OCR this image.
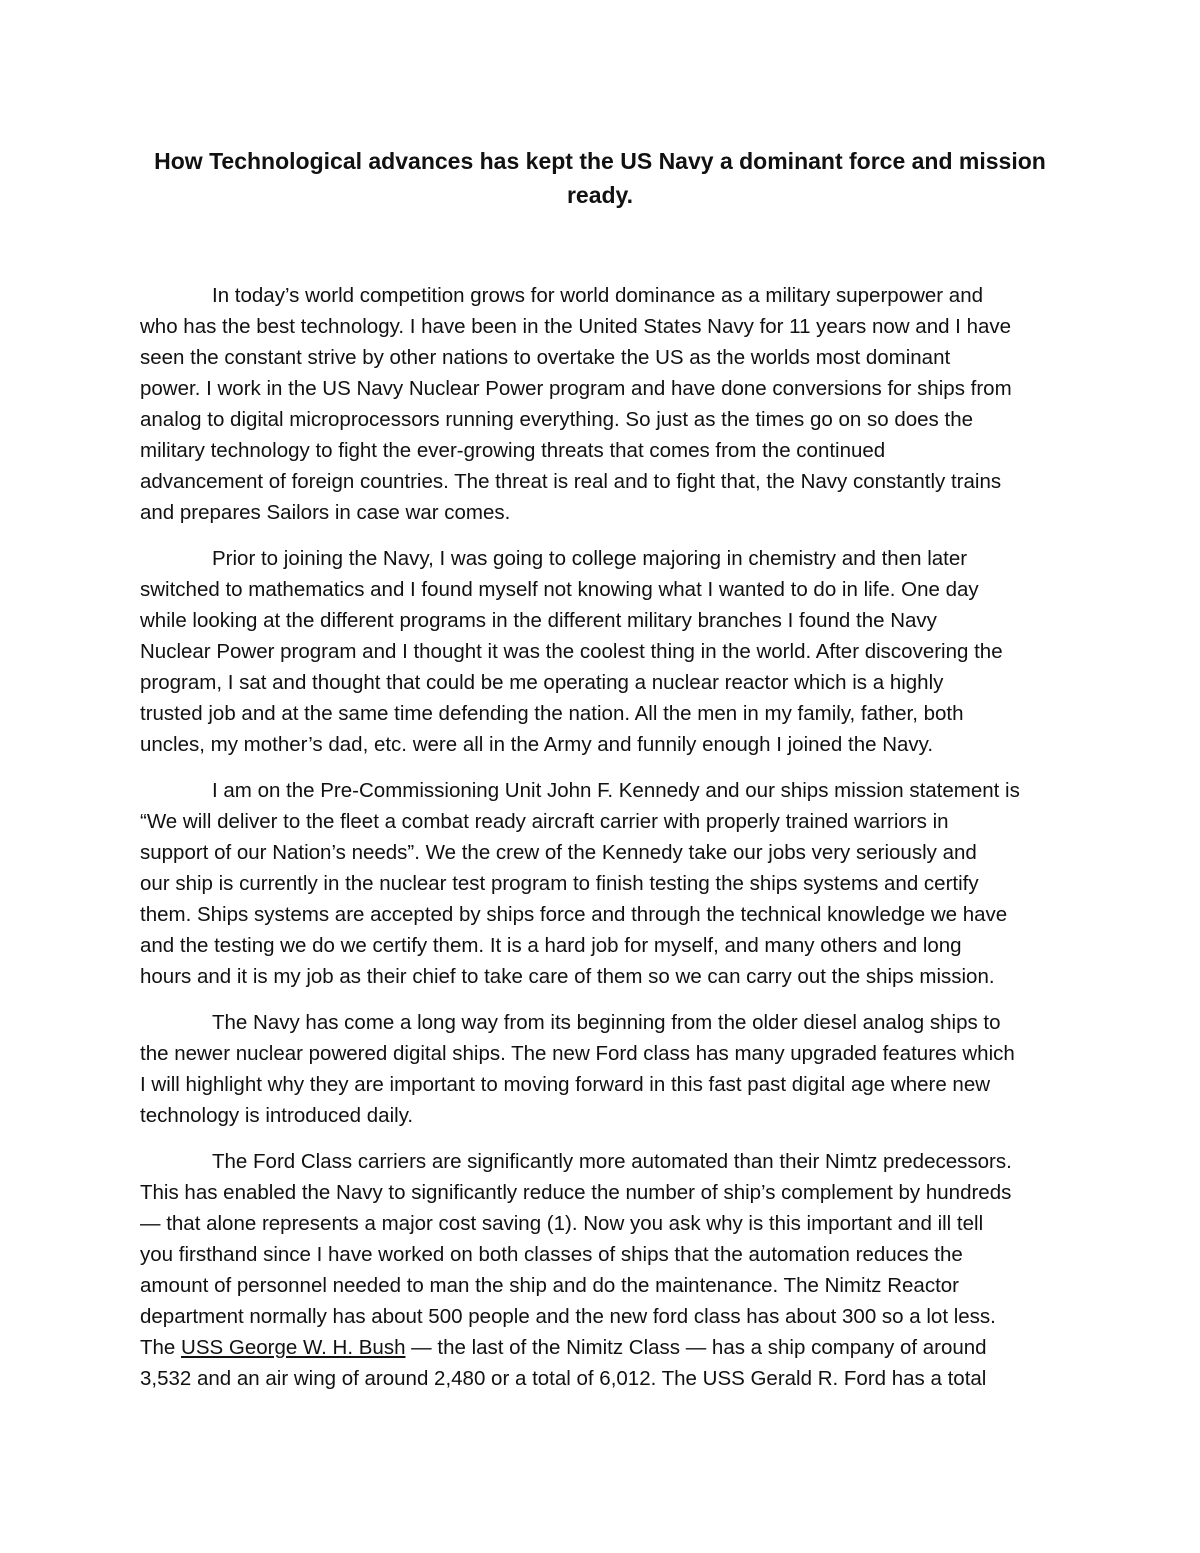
How Technological advances has kept the US Navy a dominant force and mission
ready.
In today’s world competition grows for world dominance as a military superpower and
who has the best technology. I have been in the United States Navy for 11 years now and I have
seen the constant strive by other nations to overtake the US as the worlds most dominant
power. I work in the US Navy Nuclear Power program and have done conversions for ships from
analog to digital microprocessors running everything. So just as the times go on so does the
military technology to fight the ever-growing threats that comes from the continued
advancement of foreign countries. The threat is real and to fight that, the Navy constantly trains
and prepares Sailors in case war comes.
Prior to joining the Navy, I was going to college majoring in chemistry and then later
switched to mathematics and I found myself not knowing what I wanted to do in life. One day
while looking at the different programs in the different military branches I found the Navy
Nuclear Power program and I thought it was the coolest thing in the world. After discovering the
program, I sat and thought that could be me operating a nuclear reactor which is a highly
trusted job and at the same time defending the nation. All the men in my family, father, both
uncles, my mother’s dad, etc. were all in the Army and funnily enough I joined the Navy.
I am on the Pre-Commissioning Unit John F. Kennedy and our ships mission statement is
“We will deliver to the fleet a combat ready aircraft carrier with properly trained warriors in
support of our Nation’s needs”. We the crew of the Kennedy take our jobs very seriously and
our ship is currently in the nuclear test program to finish testing the ships systems and certify
them. Ships systems are accepted by ships force and through the technical knowledge we have
and the testing we do we certify them. It is a hard job for myself, and many others and long
hours and it is my job as their chief to take care of them so we can carry out the ships mission.
The Navy has come a long way from its beginning from the older diesel analog ships to
the newer nuclear powered digital ships. The new Ford class has many upgraded features which
I will highlight why they are important to moving forward in this fast past digital age where new
technology is introduced daily.
The Ford Class carriers are significantly more automated than their Nimtz predecessors.
This has enabled the Navy to significantly reduce the number of ship’s complement by hundreds
— that alone represents a major cost saving (1). Now you ask why is this important and ill tell
you firsthand since I have worked on both classes of ships that the automation reduces the
amount of personnel needed to man the ship and do the maintenance. The Nimitz Reactor
department normally has about 500 people and the new ford class has about 300 so a lot less.
The USS George W. H. Bush — the last of the Nimitz Class — has a ship company of around
3,532 and an air wing of around 2,480 or a total of 6,012. The USS Gerald R. Ford has a total
